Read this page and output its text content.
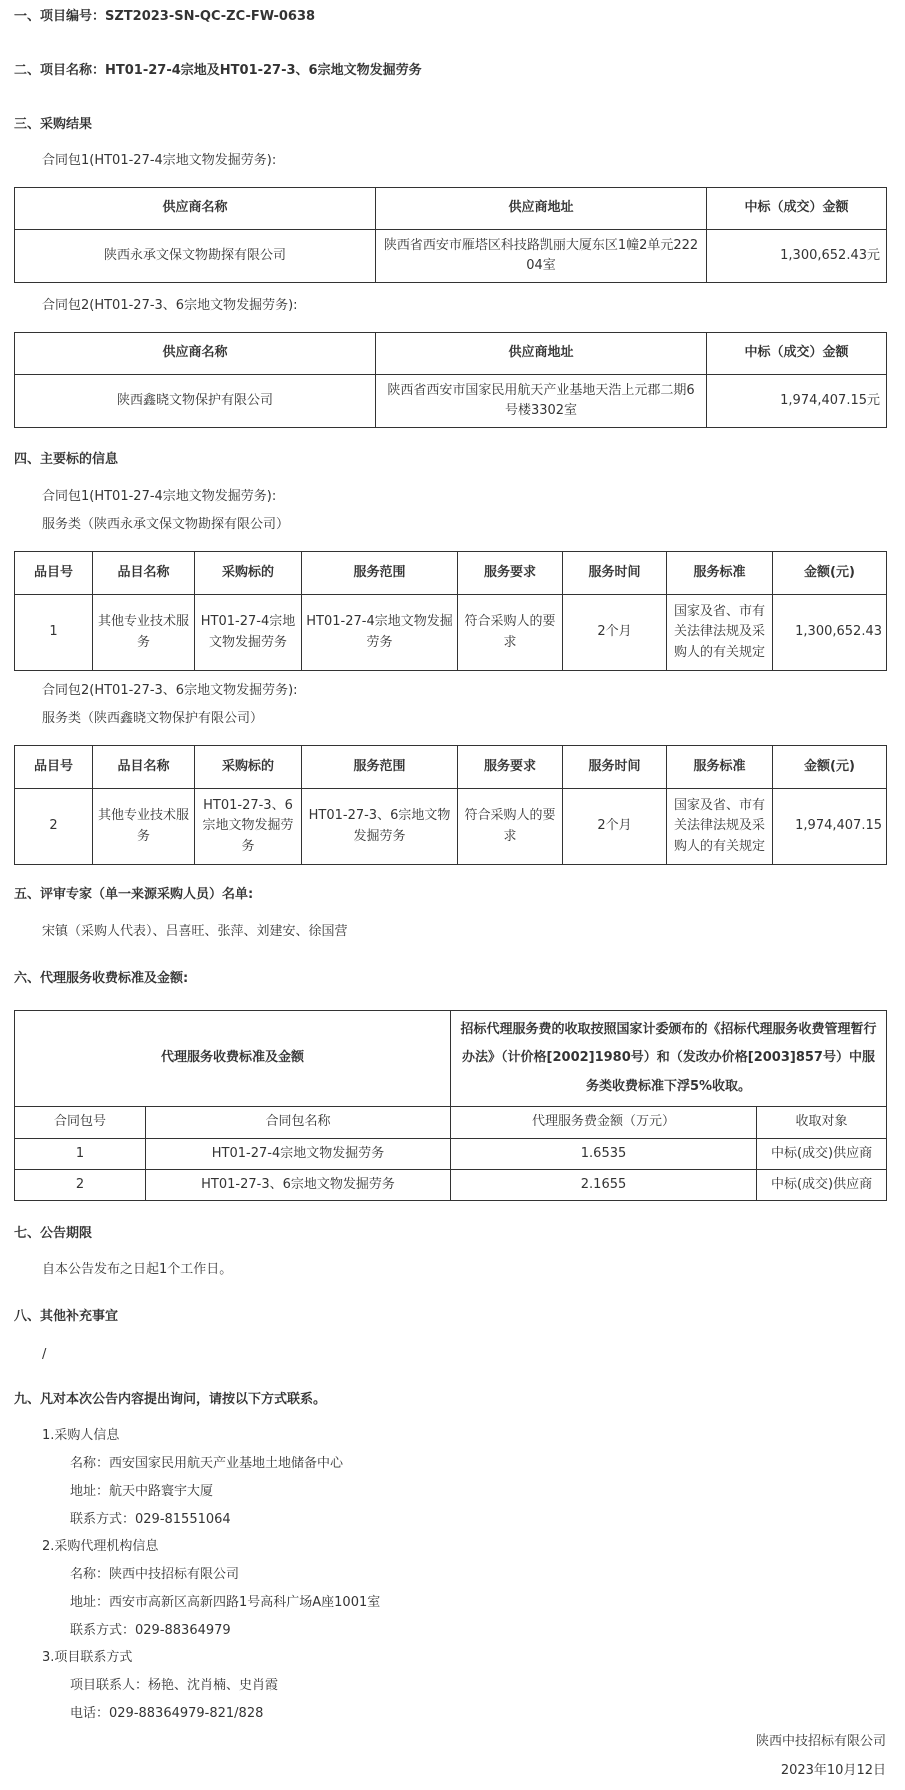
一、项目编号：SZT2023-SN-QC-ZC-FW-0638
二、项目名称：HT01-27-4宗地及HT01-27-3、6宗地文物发掘劳务
三、采购结果
合同包1(HT01-27-4宗地文物发掘劳务):
供应商名称	供应商地址	中标（成交）金额
陕西永承文保文物勘探有限公司	陕西省西安市雁塔区科技路凯丽大厦东区1幢2单元22204室	1,300,652.43元
合同包2(HT01-27-3、6宗地文物发掘劳务):
供应商名称	供应商地址	中标（成交）金额
陕西鑫晓文物保护有限公司	陕西省西安市国家民用航天产业基地天浩上元郡二期6号楼3302室	1,974,407.15元
四、主要标的信息
合同包1(HT01-27-4宗地文物发掘劳务):
服务类（陕西永承文保文物勘探有限公司）
品目号	品目名称	采购标的	服务范围	服务要求	服务时间	服务标准	金额(元)
1	其他专业技术服务	HT01-27-4宗地文物发掘劳务	HT01-27-4宗地文物发掘劳务	符合采购人的要求	2个月	国家及省、市有关法律法规及采购人的有关规定	1,300,652.43
合同包2(HT01-27-3、6宗地文物发掘劳务):
服务类（陕西鑫晓文物保护有限公司）
品目号	品目名称	采购标的	服务范围	服务要求	服务时间	服务标准	金额(元)
2	其他专业技术服务	HT01-27-3、6宗地文物发掘劳务	HT01-27-3、6宗地文物发掘劳务	符合采购人的要求	2个月	国家及省、市有关法律法规及采购人的有关规定	1,974,407.15
五、评审专家（单一来源采购人员）名单:
宋镇（采购人代表）、吕喜旺、张萍、刘建安、徐国营
六、代理服务收费标准及金额:
代理服务收费标准及金额		招标代理服务费的收取按照国家计委颁布的《招标代理服务收费管理暂行办法》（计价格[2002]1980号）和（发改办价格[2003]857号）中服务类收费标准下浮5%收取。	
合同包号	合同包名称	代理服务费金额（万元）	收取对象
1	HT01-27-4宗地文物发掘劳务	1.6535	中标(成交)供应商
2	HT01-27-3、6宗地文物发掘劳务	2.1655	中标(成交)供应商
七、公告期限
自本公告发布之日起1个工作日。
八、其他补充事宜
/
九、凡对本次公告内容提出询问，请按以下方式联系。
1.采购人信息
名称：西安国家民用航天产业基地土地储备中心
地址：航天中路寰宇大厦
联系方式：029-81551064
2.采购代理机构信息
名称：陕西中技招标有限公司
地址：西安市高新区高新四路1号高科广场A座1001室
联系方式：029-88364979
3.项目联系方式
项目联系人：杨艳、沈肖楠、史肖霞
电话：029-88364979-821/828
陕西中技招标有限公司
2023年10月12日
